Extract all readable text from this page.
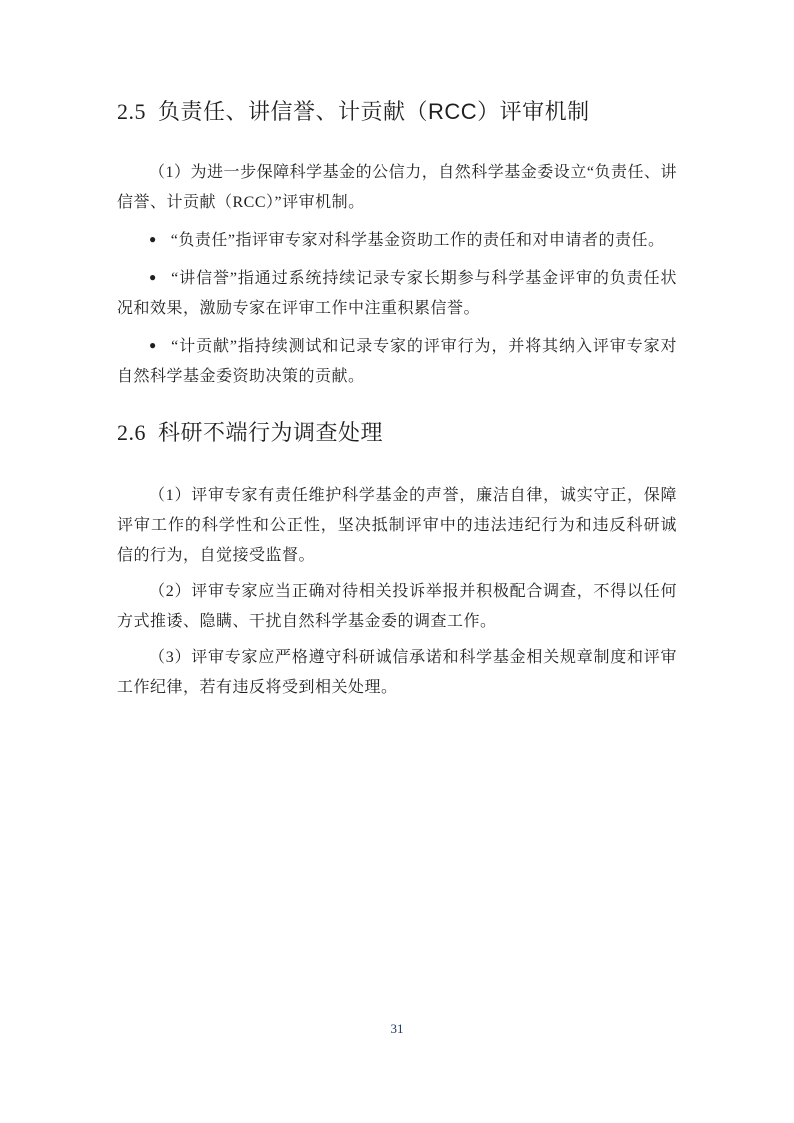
2.5 负责任、讲信誉、计贡献（RCC）评审机制

（1）为进一步保障科学基金的公信力，自然科学基金委设立“负责任、讲信誉、计贡献（RCC）”评审机制。

● “负责任”指评审专家对科学基金资助工作的责任和对申请者的责任。

● “讲信誉”指通过系统持续记录专家长期参与科学基金评审的负责任状况和效果，激励专家在评审工作中注重积累信誉。

● “计贡献”指持续测试和记录专家的评审行为，并将其纳入评审专家对自然科学基金委资助决策的贡献。

2.6 科研不端行为调查处理

（1）评审专家有责任维护科学基金的声誉，廉洁自律，诚实守正，保障评审工作的科学性和公正性，坚决抵制评审中的违法违纪行为和违反科研诚信的行为，自觉接受监督。

（2）评审专家应当正确对待相关投诉举报并积极配合调查，不得以任何方式推诿、隐瞒、干扰自然科学基金委的调查工作。

（3）评审专家应严格遵守科研诚信承诺和科学基金相关规章制度和评审工作纪律，若有违反将受到相关处理。

31
